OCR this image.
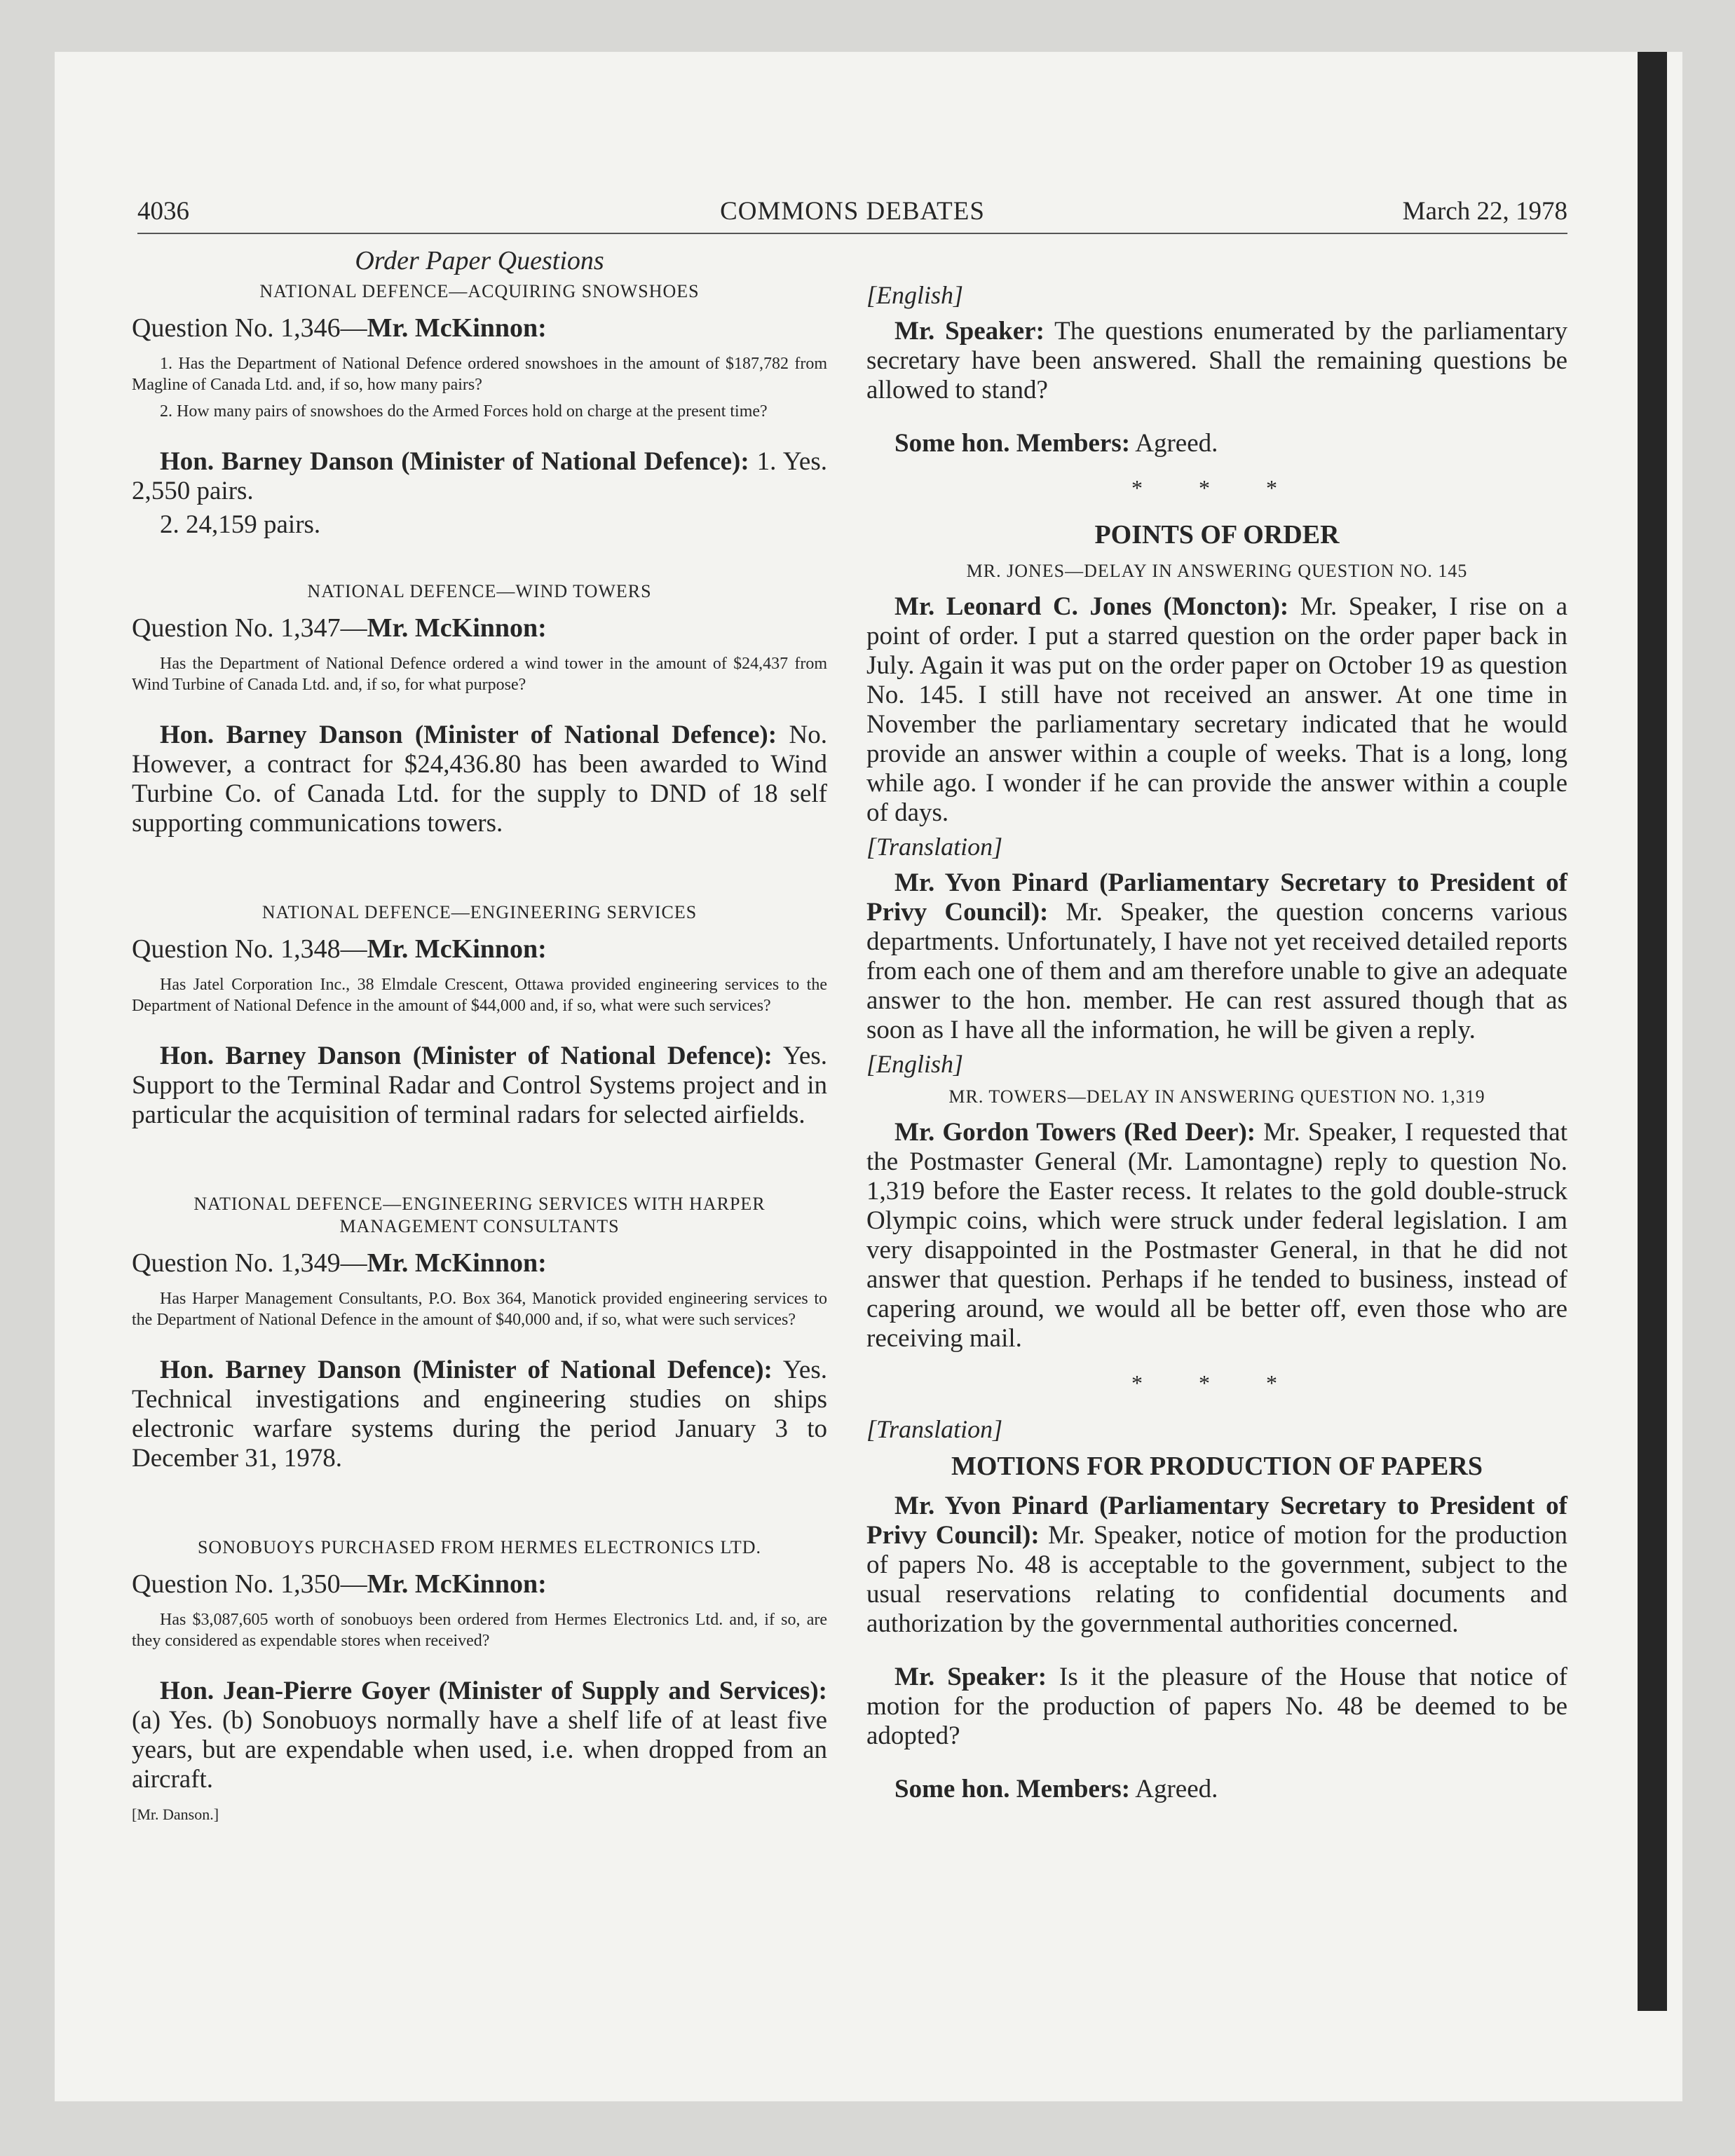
4036	COMMONS DEBATES	March 22, 1978
Order Paper Questions
NATIONAL DEFENCE—ACQUIRING SNOWSHOES
Question No. 1,346—Mr. McKinnon:

1. Has the Department of National Defence ordered snowshoes in the amount of $187,782 from Magline of Canada Ltd. and, if so, how many pairs?

2. How many pairs of snowshoes do the Armed Forces hold on charge at the present time?

Hon. Barney Danson (Minister of National Defence): 1. Yes. 2,550 pairs.

2. 24,159 pairs.

NATIONAL DEFENCE—WIND TOWERS
Question No. 1,347—Mr. McKinnon:

Has the Department of National Defence ordered a wind tower in the amount of $24,437 from Wind Turbine of Canada Ltd. and, if so, for what purpose?

Hon. Barney Danson (Minister of National Defence): No. However, a contract for $24,436.80 has been awarded to Wind Turbine Co. of Canada Ltd. for the supply to DND of 18 self supporting communications towers.

NATIONAL DEFENCE—ENGINEERING SERVICES
Question No. 1,348—Mr. McKinnon:

Has Jatel Corporation Inc., 38 Elmdale Crescent, Ottawa provided engineering services to the Department of National Defence in the amount of $44,000 and, if so, what were such services?

Hon. Barney Danson (Minister of National Defence): Yes. Support to the Terminal Radar and Control Systems project and in particular the acquisition of terminal radars for selected airfields.

NATIONAL DEFENCE—ENGINEERING SERVICES WITH HARPER MANAGEMENT CONSULTANTS
Question No. 1,349—Mr. McKinnon:

Has Harper Management Consultants, P.O. Box 364, Manotick provided engineering services to the Department of National Defence in the amount of $40,000 and, if so, what were such services?

Hon. Barney Danson (Minister of National Defence): Yes. Technical investigations and engineering studies on ships electronic warfare systems during the period January 3 to December 31, 1978.

SONOBUOYS PURCHASED FROM HERMES ELECTRONICS LTD.
Question No. 1,350—Mr. McKinnon:

Has $3,087,605 worth of sonobuoys been ordered from Hermes Electronics Ltd. and, if so, are they considered as expendable stores when received?

Hon. Jean-Pierre Goyer (Minister of Supply and Services): (a) Yes. (b) Sonobuoys normally have a shelf life of at least five years, but are expendable when used, i.e. when dropped from an aircraft.

[Mr. Danson.]
[English]

Mr. Speaker: The questions enumerated by the parliamentary secretary have been answered. Shall the remaining questions be allowed to stand?

Some hon. Members: Agreed.

* * *
POINTS OF ORDER
MR. JONES—DELAY IN ANSWERING QUESTION NO. 145

Mr. Leonard C. Jones (Moncton): Mr. Speaker, I rise on a point of order. I put a starred question on the order paper back in July. Again it was put on the order paper on October 19 as question No. 145. I still have not received an answer. At one time in November the parliamentary secretary indicated that he would provide an answer within a couple of weeks. That is a long, long while ago. I wonder if he can provide the answer within a couple of days.

[Translation]

Mr. Yvon Pinard (Parliamentary Secretary to President of Privy Council): Mr. Speaker, the question concerns various departments. Unfortunately, I have not yet received detailed reports from each one of them and am therefore unable to give an adequate answer to the hon. member. He can rest assured though that as soon as I have all the information, he will be given a reply.

[English]
MR. TOWERS—DELAY IN ANSWERING QUESTION NO. 1,319

Mr. Gordon Towers (Red Deer): Mr. Speaker, I requested that the Postmaster General (Mr. Lamontagne) reply to question No. 1,319 before the Easter recess. It relates to the gold double-struck Olympic coins, which were struck under federal legislation. I am very disappointed in the Postmaster General, in that he did not answer that question. Perhaps if he tended to business, instead of capering around, we would all be better off, even those who are receiving mail.

* * *
[Translation]
MOTIONS FOR PRODUCTION OF PAPERS

Mr. Yvon Pinard (Parliamentary Secretary to President of Privy Council): Mr. Speaker, notice of motion for the production of papers No. 48 is acceptable to the government, subject to the usual reservations relating to confidential documents and authorization by the governmental authorities concerned.

Mr. Speaker: Is it the pleasure of the House that notice of motion for the production of papers No. 48 be deemed to be adopted?

Some hon. Members: Agreed.
